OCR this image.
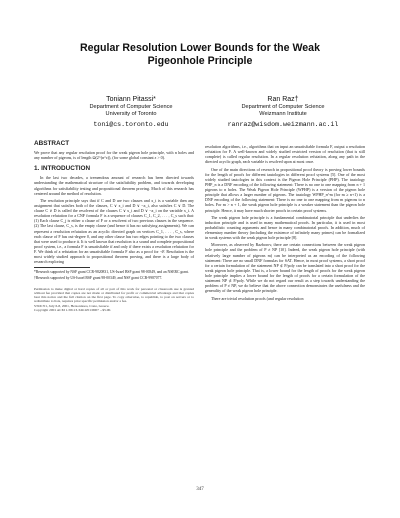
Regular Resolution Lower Bounds for the Weak
Pigeonhole Principle
Toniann Pitassi*
Department of Computer Science
University of Toronto
toni@cs.toronto.edu
Ran Raz†
Department of Computer Science
Weizmann Institute
ranraz@wisdom.weizmann.ac.il
ABSTRACT

We prove that any regular resolution proof for the weak pigeon hole principle, with n holes and any number of pigeons, is of length Ω(2^(n^ε)), (for some global constant ε > 0).

1. INTRODUCTION

In the last two decades, a tremendous amount of research has been directed towards understanding the mathematical structure of the satisfiability problem, and towards developing algorithms for satisfiability testing and propositional theorem proving. Much of this research has centered around the method of resolution.

The resolution principle says that if C and D are two clauses and x_i is a variable then any assignment that satisfies both of the clauses, C ∨ x_i and D ∨ ¬x_i, also satisfies C ∨ D. The clause C ∨ D is called the resolvent of the clauses C ∨ x_i and D ∨ ¬x_i on the variable x_i. A resolution refutation for a CNF formula F is a sequence of clauses C_1, C_2, . . . , C_s such that: (1) Each clause C_j is either a clause of F or a resolvent of two previous clauses in the sequence. (2) The last clause, C_s, is the empty clause (and hence it has no satisfying assignments). We can represent a resolution refutation as an acyclic directed graph on vertices C_1, . . . , C_s, where each clause of F has out-degree 0, and any other clause has two edges pointing to the two clauses that were used to produce it. It is well known that resolution is a sound and complete propositional proof system, i.e., a formula F is unsatisfiable if and only if there exists a resolution refutation for F. We think of a refutation for an unsatisfiable formula F also as a proof for ¬F. Resolution is the most widely studied approach to propositional theorem proving, and there is a large body of research exploring

*Research supported by NSF grant CCR-9820831, US-Israel BSF grant 98-00349, and an NSERC grant.

†Research supported by US-Israel BSF grant 98-00349, and NSF grant CCR-9987077.

Permission to make digital or hard copies of all or part of this work for personal or classroom use is granted without fee provided that copies are not made or distributed for profit or commercial advantage and that copies bear this notice and the full citation on the first page. To copy otherwise, to republish, to post on servers or to redistribute to lists, requires prior specific permission and/or a fee.
STOC'01, July 6-8, 2001, Hersonissos, Crete, Greece.
Copyright 2001 ACM 1-58113-349-9/01/0007 ...$5.00.

resolution algorithms, i.e., algorithms that on input an unsatisfiable formula F, output a resolution refutation for F. A well-known and widely studied restricted version of resolution (that is still complete) is called regular resolution. In a regular resolution refutation, along any path in the directed acyclic graph, each variable is resolved upon at most once.

One of the main directions of research in propositional proof theory is proving lower bounds for the length of proofs for different tautologies in different proof systems [5]. One of the most widely studied tautologies in this context is the Pigeon Hole Principle (PHP). The tautology PHP_n is a DNF encoding of the following statement: There is no one to one mapping from n + 1 pigeons to n holes. The Weak Pigeon Hole Principle (WPHP) is a version of the pigeon hole principle that allows a larger number of pigeons. The tautology WPHP_n^m (for m ≥ n+1) is a DNF encoding of the following statement: There is no one to one mapping from m pigeons to n holes. For m > n + 1, the weak pigeon hole principle is a weaker statement than the pigeon hole principle. Hence, it may have much shorter proofs in certain proof systems.

The weak pigeon hole principle is a fundamental combinatorial principle that underlies the induction principle and is used in many mathematical proofs. In particular, it is used in most probabilistic counting arguments and hence in many combinatorial proofs. In addition, much of elementary number theory (including the existence of infinitely many primes) can be formalized in weak systems with the weak pigeon hole principle [8].

Moreover, as observed by Razborov, there are certain connections between the weak pigeon hole principle and the problem of P ≠ NP [10]. Indeed, the weak pigeon hole principle (with relatively large number of pigeons m) can be interpreted as an encoding of the following statement: There are no small DNF formulas for SAT. Hence, in most proof systems, a short proof for a certain formulation of the statement NP ⊄ P/poly can be translated into a short proof for the weak pigeon hole principle. That is, a lower bound for the length of proofs for the weak pigeon hole principle implies a lower bound for the length of proofs for a certain formulation of the statement NP ⊄ P/poly. While we do not regard our result as a step towards understanding the problem of P ≠ NP, we do believe that the above connection demonstrates the usefulness and the generality of the weak pigeon hole principle.

There are trivial resolution proofs (and regular resolution

347
